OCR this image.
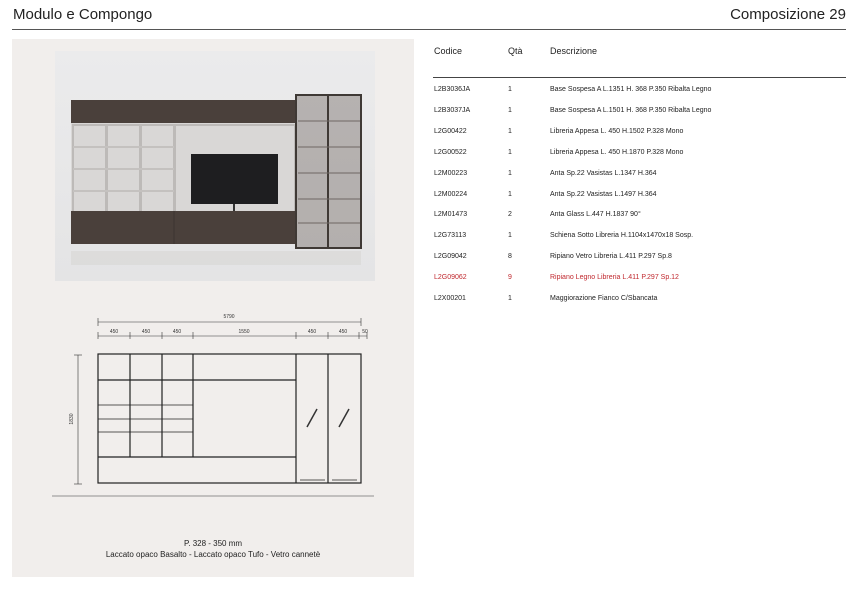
Modulo e Compongo	Composizione 29
5790
450	450	450	1550	450	450	50
1830
P. 328 - 350 mm
Laccato opaco Basalto - Laccato opaco Tufo - Vetro cannetè
Codice	Qtà	Descrizione
L2B3036JA	1	Base Sospesa A L.1351 H. 368 P.350 Ribalta Legno
L2B3037JA	1	Base Sospesa A L.1501 H. 368 P.350 Ribalta Legno
L2G00422	1	Libreria Appesa L. 450 H.1502 P.328 Mono
L2G00522	1	Libreria Appesa L. 450 H.1870 P.328 Mono
L2M00223	1	Anta Sp.22 Vasistas L.1347 H.364
L2M00224	1	Anta Sp.22 Vasistas L.1497 H.364
L2M01473	2	Anta Glass L.447 H.1837 90°
L2G73113	1	Schiena Sotto Libreria H.1104x1470x18 Sosp.
L2G09042	8	Ripiano Vetro Libreria L.411 P.297 Sp.8
L2G09062	9	Ripiano Legno Libreria L.411 P.297 Sp.12
L2X00201	1	Maggiorazione Fianco C/Sbancata
